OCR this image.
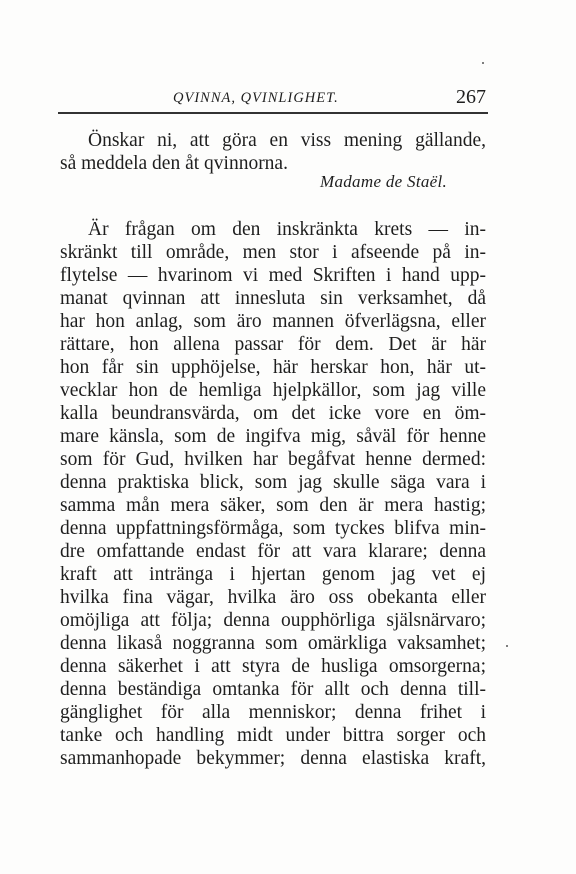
QVINNA, QVINLIGHET.	267
Önskar ni, att göra en viss mening gällande,
så meddela den åt qvinnorna.
Madame de Staël.
Är frågan om den inskränkta krets — in-
skränkt till område, men stor i afseende på in-
flytelse — hvarinom vi med Skriften i hand upp-
manat qvinnan att innesluta sin verksamhet, då
har hon anlag, som äro mannen öfverlägsna, eller
rättare, hon allena passar för dem. Det är här
hon får sin upphöjelse, här herskar hon, här ut-
vecklar hon de hemliga hjelpkällor, som jag ville
kalla beundransvärda, om det icke vore en öm-
mare känsla, som de ingifva mig, såväl för henne
som för Gud, hvilken har begåfvat henne dermed:
denna praktiska blick, som jag skulle säga vara i
samma mån mera säker, som den är mera hastig;
denna uppfattningsförmåga, som tyckes blifva min-
dre omfattande endast för att vara klarare; denna
kraft att intränga i hjertan genom jag vet ej
hvilka fina vägar, hvilka äro oss obekanta eller
omöjliga att följa; denna oupphörliga själsnärvaro;
denna likaså noggranna som omärkliga vaksamhet;
denna säkerhet i att styra de husliga omsorgerna;
denna beständiga omtanka för allt och denna till-
gänglighet för alla menniskor; denna frihet i
tanke och handling midt under bittra sorger och
sammanhopade bekymmer; denna elastiska kraft,
